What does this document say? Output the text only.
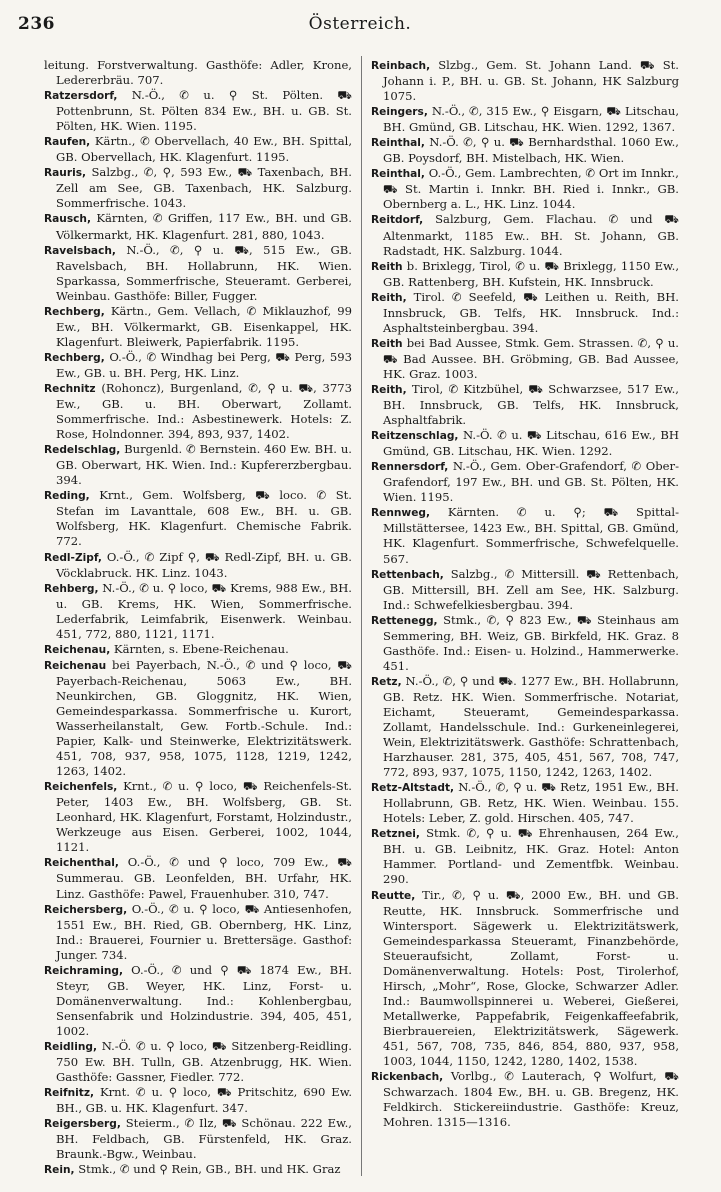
236	Österreich.

leitung. Forstverwaltung. Gasthöfe: Adler, Krone, Ledererbräu. 707.

Ratzersdorf, N.-Ö., ✆ u. ⚲ St. Pölten. ⛟ Pottenbrunn, St. Pölten 834 Ew., BH. u. GB. St. Pölten, HK. Wien. 1195.

Raufen, Kärtn., ✆ Obervellach, 40 Ew., BH. Spittal, GB. Obervellach, HK. Klagenfurt. 1195.

Rauris, Salzbg., ✆, ⚲, 593 Ew., ⛟ Taxenbach, BH. Zell am See, GB. Taxenbach, HK. Salzburg. Sommerfrische. 1043.

Rausch, Kärnten, ✆ Griffen, 117 Ew., BH. und GB. Völkermarkt, HK. Klagenfurt. 281, 880, 1043.

Ravelsbach, N.-Ö., ✆, ⚲ u. ⛟, 515 Ew., GB. Ravelsbach, BH. Hollabrunn, HK. Wien. Sparkassa, Sommerfrische, Steueramt. Gerberei, Weinbau. Gasthöfe: Biller, Fugger.

Rechberg, Kärtn., Gem. Vellach, ✆ Miklauzhof, 99 Ew., BH. Völkermarkt, GB. Eisenkappel, HK. Klagenfurt. Bleiwerk, Papierfabrik. 1195.

Rechberg, O.-Ö., ✆ Windhag bei Perg, ⛟ Perg, 593 Ew., GB. u. BH. Perg, HK. Linz.

Rechnitz (Rohoncz), Burgenland, ✆, ⚲ u. ⛟, 3773 Ew., GB. u. BH. Oberwart, Zollamt. Sommerfrische. Ind.: Asbestinewerk. Hotels: Z. Rose, Holndonner. 394, 893, 937, 1402.

Redelschlag, Burgenld. ✆ Bernstein. 460 Ew. BH. u. GB. Oberwart, HK. Wien. Ind.: Kupfererzbergbau. 394.

Reding, Krnt., Gem. Wolfsberg, ⛟ loco. ✆ St. Stefan im Lavanttale, 608 Ew., BH. u. GB. Wolfsberg, HK. Klagenfurt. Chemische Fabrik. 772.

Redl-Zipf, O.-Ö., ✆ Zipf ⚲, ⛟ Redl-Zipf, BH. u. GB. Vöcklabruck. HK. Linz. 1043.

Rehberg, N.-Ö., ✆ u. ⚲ loco, ⛟ Krems, 988 Ew., BH. u. GB. Krems, HK. Wien, Sommerfrische. Lederfabrik, Leimfabrik, Eisenwerk. Weinbau. 451, 772, 880, 1121, 1171.

Reichenau, Kärnten, s. Ebene-Reichenau.

Reichenau bei Payerbach, N.-Ö., ✆ und ⚲ loco, ⛟ Payerbach-Reichenau, 5063 Ew., BH. Neunkirchen, GB. Gloggnitz, HK. Wien, Gemeindesparkassa. Sommerfrische u. Kurort, Wasserheilanstalt, Gew. Fortb.-Schule. Ind.: Papier, Kalk- und Steinwerke, Elektrizitätswerk. 451, 708, 937, 958, 1075, 1128, 1219, 1242, 1263, 1402.

Reichenfels, Krnt., ✆ u. ⚲ loco, ⛟ Reichenfels-St. Peter, 1403 Ew., BH. Wolfsberg, GB. St. Leonhard, HK. Klagenfurt, Forstamt, Holzindustr., Werkzeuge aus Eisen. Gerberei, 1002, 1044, 1121.

Reichenthal, O.-Ö., ✆ und ⚲ loco, 709 Ew., ⛟ Summerau. GB. Leonfelden, BH. Urfahr, HK. Linz. Gasthöfe: Pawel, Frauenhuber. 310, 747.

Reichersberg, O.-Ö., ✆ u. ⚲ loco, ⛟ Antiesenhofen, 1551 Ew., BH. Ried, GB. Obernberg, HK. Linz, Ind.: Brauerei, Fournier u. Brettersäge. Gasthof: Junger. 734.

Reichraming, O.-Ö., ✆ und ⚲ ⛟ 1874 Ew., BH. Steyr, GB. Weyer, HK. Linz, Forst- u. Domänenverwaltung. Ind.: Kohlenbergbau, Sensenfabrik und Holzindustrie. 394, 405, 451, 1002.

Reidling, N.-Ö. ✆ u. ⚲ loco, ⛟ Sitzenberg-Reidling. 750 Ew. BH. Tulln, GB. Atzenbrugg, HK. Wien. Gasthöfe: Gassner, Fiedler. 772.

Reifnitz, Krnt. ✆ u. ⚲ loco, ⛟ Pritschitz, 690 Ew. BH., GB. u. HK. Klagenfurt. 347.

Reigersberg, Steierm., ✆ Ilz, ⛟ Schönau. 222 Ew., BH. Feldbach, GB. Fürstenfeld, HK. Graz. Braunk.-Bgw., Weinbau.

Rein, Stmk., ✆ und ⚲ Rein, GB., BH. und HK. Graz

Reinbach, Slzbg., Gem. St. Johann Land. ⛟ St. Johann i. P., BH. u. GB. St. Johann, HK Salzburg 1075.

Reingers, N.-Ö., ✆, 315 Ew., ⚲ Eisgarn, ⛟ Litschau, BH. Gmünd, GB. Litschau, HK. Wien. 1292, 1367.

Reinthal, N.-Ö. ✆, ⚲ u. ⛟ Bernhardsthal. 1060 Ew., GB. Poysdorf, BH. Mistelbach, HK. Wien.

Reinthal, O.-Ö., Gem. Lambrechten, ✆ Ort im Innkr., ⛟ St. Martin i. Innkr. BH. Ried i. Innkr., GB. Obernberg a. L., HK. Linz. 1044.

Reitdorf, Salzburg, Gem. Flachau. ✆ und ⛟ Altenmarkt, 1185 Ew.. BH. St. Johann, GB. Radstadt, HK. Salzburg. 1044.

Reith b. Brixlegg, Tirol, ✆ u. ⛟ Brixlegg, 1150 Ew., GB. Rattenberg, BH. Kufstein, HK. Innsbruck.

Reith, Tirol. ✆ Seefeld, ⛟ Leithen u. Reith, BH. Innsbruck, GB. Telfs, HK. Innsbruck. Ind.: Asphaltsteinbergbau. 394.

Reith bei Bad Aussee, Stmk. Gem. Strassen. ✆, ⚲ u. ⛟ Bad Aussee. BH. Gröbming, GB. Bad Aussee, HK. Graz. 1003.

Reith, Tirol, ✆ Kitzbühel, ⛟ Schwarzsee, 517 Ew., BH. Innsbruck, GB. Telfs, HK. Innsbruck, Asphaltfabrik.

Reitzenschlag, N.-Ö. ✆ u. ⛟ Litschau, 616 Ew., BH Gmünd, GB. Litschau, HK. Wien. 1292.

Rennersdorf, N.-Ö., Gem. Ober-Grafendorf, ✆ Ober-Grafendorf, 197 Ew., BH. und GB. St. Pölten, HK. Wien. 1195.

Rennweg, Kärnten. ✆ u. ⚲; ⛟ Spittal-Millstättersee, 1423 Ew., BH. Spittal, GB. Gmünd, HK. Klagenfurt. Sommerfrische, Schwefelquelle. 567.

Rettenbach, Salzbg., ✆ Mittersill. ⛟ Rettenbach, GB. Mittersill, BH. Zell am See, HK. Salzburg. Ind.: Schwefelkiesbergbau. 394.

Rettenegg, Stmk., ✆, ⚲ 823 Ew., ⛟ Steinhaus am Semmering, BH. Weiz, GB. Birkfeld, HK. Graz. 8 Gasthöfe. Ind.: Eisen- u. Holzind., Hammerwerke. 451.

Retz, N.-Ö., ✆, ⚲ und ⛟. 1277 Ew., BH. Hollabrunn, GB. Retz. HK. Wien. Sommerfrische. Notariat, Eichamt, Steueramt, Gemeindesparkassa. Zollamt, Handelsschule. Ind.: Gurkeneinlegerei, Wein, Elektrizitätswerk. Gasthöfe: Schrattenbach, Harzhauser. 281, 375, 405, 451, 567, 708, 747, 772, 893, 937, 1075, 1150, 1242, 1263, 1402.

Retz-Altstadt, N.-Ö., ✆, ⚲ u. ⛟ Retz, 1951 Ew., BH. Hollabrunn, GB. Retz, HK. Wien. Weinbau. 155. Hotels: Leber, Z. gold. Hirschen. 405, 747.

Retznei, Stmk. ✆, ⚲ u. ⛟ Ehrenhausen, 264 Ew., BH. u. GB. Leibnitz, HK. Graz. Hotel: Anton Hammer. Portland- und Zementfbk. Weinbau. 290.

Reutte, Tir., ✆, ⚲ u. ⛟, 2000 Ew., BH. und GB. Reutte, HK. Innsbruck. Sommerfrische und Wintersport. Sägewerk u. Elektrizitätswerk, Gemeindesparkassa Steueramt, Finanzbehörde, Steueraufsicht, Zollamt, Forst- u. Domänenverwaltung. Hotels: Post, Tirolerhof, Hirsch, „Mohr“, Rose, Glocke, Schwarzer Adler. Ind.: Baumwollspinnerei u. Weberei, Gießerei, Metallwerke, Pappefabrik, Feigenkaffeefabrik, Bierbrauereien, Elektrizitätswerk, Sägewerk. 451, 567, 708, 735, 846, 854, 880, 937, 958, 1003, 1044, 1150, 1242, 1280, 1402, 1538.

Rickenbach, Vorlbg., ✆ Lauterach, ⚲ Wolfurt, ⛟ Schwarzach. 1804 Ew., BH. u. GB. Bregenz, HK. Feldkirch. Stickereiindustrie. Gasthöfe: Kreuz, Mohren. 1315—1316.
